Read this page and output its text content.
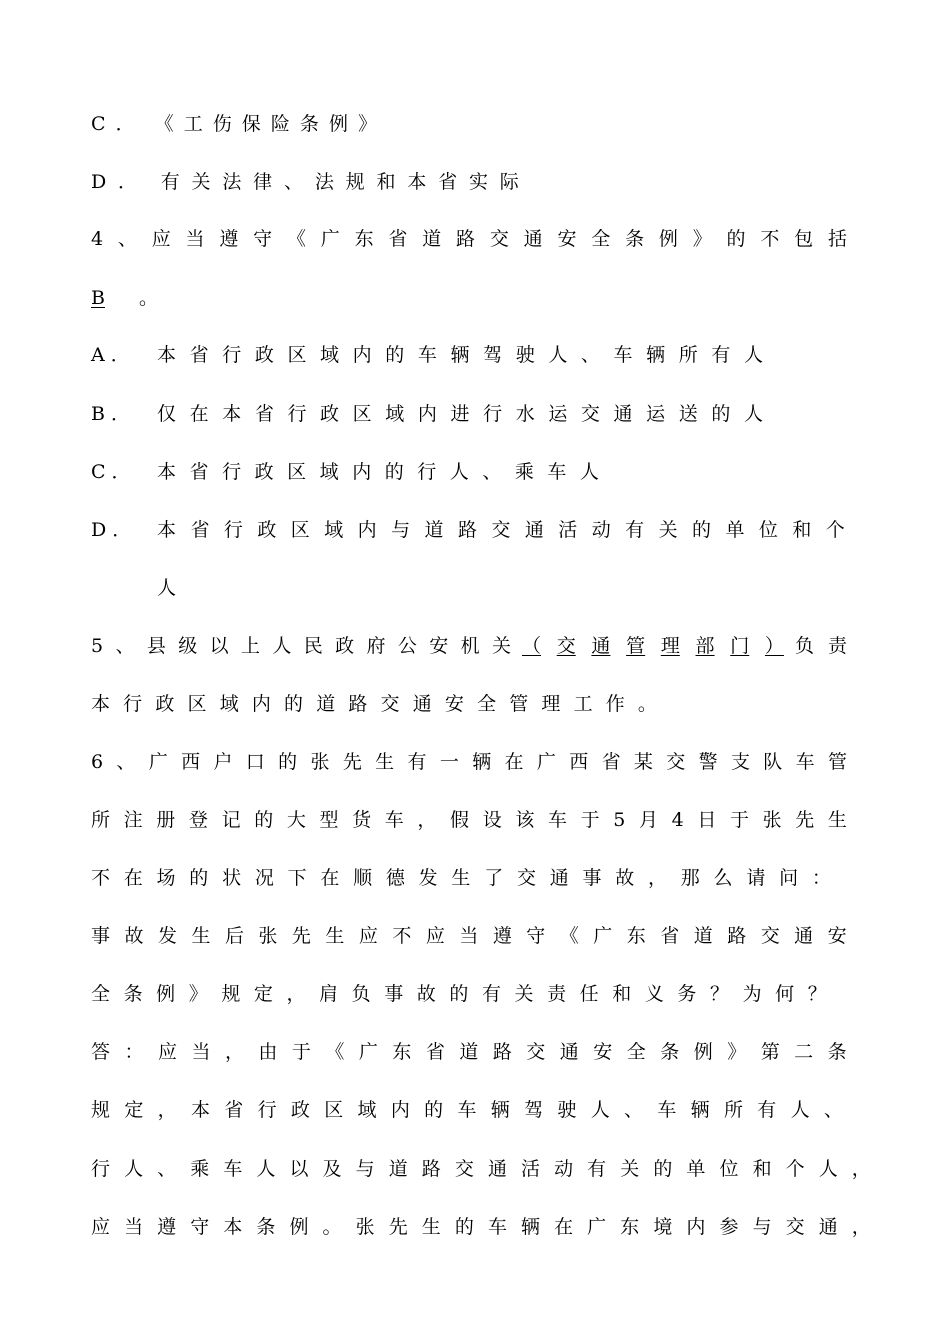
C ． 《 工 伤 保 险 条 例 》
D ． 有 关 法 律 、 法 规 和 本 省 实 际
4 、 应 当 遵 守 《 广 东 省 道 路 交 通 安 全 条 例 》 的 不 包 括
B 。
A．	本 省 行 政 区 域 内 的 车 辆 驾 驶 人 、 车 辆 所 有 人
B．	仅 在 本 省 行 政 区 域 内 进 行 水 运 交 通 运 送 的 人
C．	本 省 行 政 区 域 内 的 行 人 、 乘 车 人
D．	本 省 行 政 区 域 内 与 道 路 交 通 活 动 有 关 的 单 位 和 个
人
5 、 县 级 以 上 人 民 政 府 公 安 机 关 （ 交 通 管 理 部 门 ） 负 责
本 行 政 区 域 内 的 道 路 交 通 安 全 管 理 工 作 。
6 、 广 西 户 口 的 张 先 生 有 一 辆 在 广 西 省 某 交 警 支 队 车 管
所 注 册 登 记 的 大 型 货 车 ， 假 设 该 车 于 5 月 4 日 于 张 先 生
不 在 场 的 状 况 下 在 顺 德 发 生 了 交 通 事 故 ， 那 么 请 问 ：
事 故 发 生 后 张 先 生 应 不 应 当 遵 守 《 广 东 省 道 路 交 通 安
全 条 例 》 规 定 ， 肩 负 事 故 的 有 关 责 任 和 义 务 ？ 为 何 ？
答 ： 应 当 ， 由 于 《 广 东 省 道 路 交 通 安 全 条 例 》 第 二 条
规 定 ， 本 省 行 政 区 域 内 的 车 辆 驾 驶 人 、 车 辆 所 有 人 、
行 人 、 乘 车 人 以 及 与 道 路 交 通 活 动 有 关 的 单 位 和 个 人 ，
应 当 遵 守 本 条 例 。 张 先 生 的 车 辆 在 广 东 境 内 参 与 交 通 ，
